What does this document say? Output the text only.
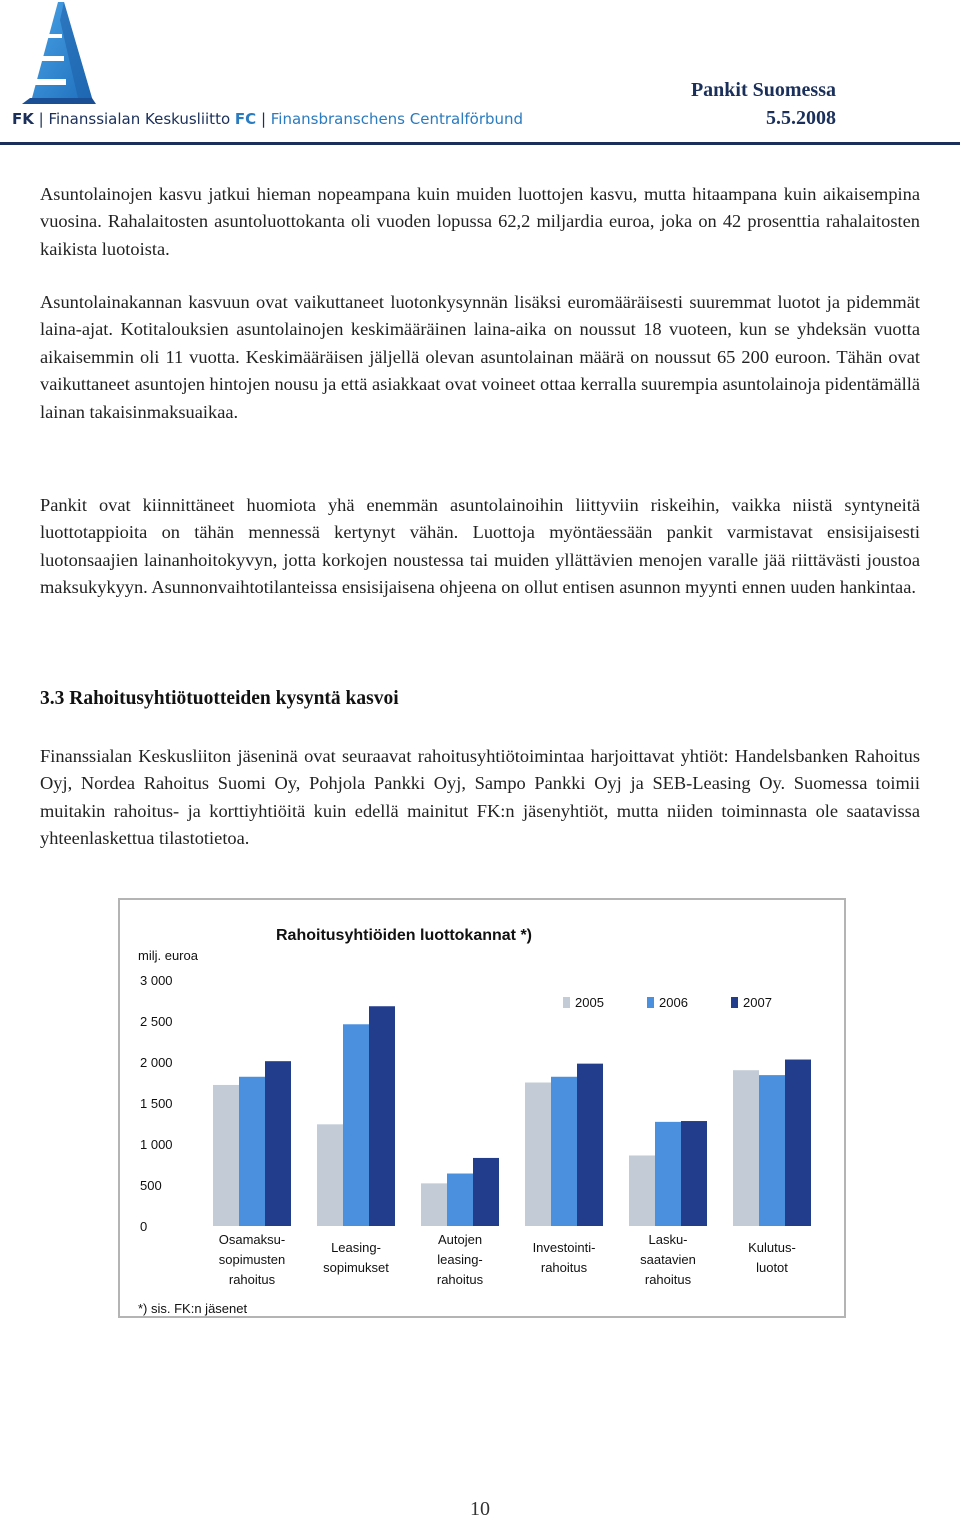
FK | Finanssialan Keskusliitto FC | Finansbranschens Centralförbund
Pankit Suomessa
5.5.2008

Asuntolainojen kasvu jatkui hieman nopeampana kuin muiden luottojen kasvu, mutta hitaampana kuin aikaisempina vuosina. Rahalaitosten asuntoluottokanta oli vuoden lopussa 62,2 miljardia euroa, joka on 42 prosenttia rahalaitosten kaikista luotoista.

Asuntolainakannan kasvuun ovat vaikuttaneet luotonkysynnän lisäksi euromääräisesti suuremmat luotot ja pidemmät laina-ajat. Kotitalouksien asuntolainojen keskimääräinen laina-aika on noussut 18 vuoteen, kun se yhdeksän vuotta aikaisemmin oli 11 vuotta. Keskimääräisen jäljellä olevan asuntolainan määrä on noussut 65 200 euroon. Tähän ovat vaikuttaneet asuntojen hintojen nousu ja että asiakkaat ovat voineet ottaa kerralla suurempia asuntolainoja pidentämällä lainan takaisinmaksuaikaa.

Pankit ovat kiinnittäneet huomiota yhä enemmän asuntolainoihin liittyviin riskeihin, vaikka niistä syntyneitä luottotappioita on tähän mennessä kertynyt vähän. Luottoja myöntäessään pankit varmistavat ensisijaisesti luotonsaajien lainanhoitokyvyn, jotta korkojen noustessa tai muiden yllättävien menojen varalle jää riittävästi joustoa maksukykyyn. Asunnonvaihtotilanteissa ensisijaisena ohjeena on ollut entisen asunnon myynti ennen uuden hankintaa.

3.3 Rahoitusyhtiötuotteiden kysyntä kasvoi

Finanssialan Keskusliiton jäseninä ovat seuraavat rahoitusyhtiötoimintaa harjoittavat yhtiöt: Handelsbanken Rahoitus Oyj, Nordea Rahoitus Suomi Oy, Pohjola Pankki Oyj, Sampo Pankki Oyj ja SEB-Leasing Oy. Suomessa toimii muitakin rahoitus- ja korttiyhtiöitä kuin edellä mainitut FK:n jäsenyhtiöt, mutta niiden toiminnasta ole saatavissa yhteenlaskettua tilastotietoa.

Rahoitusyhtiöiden luottokannat *)
milj. euroa
0
500
1 000
1 500
2 000
2 500
3 000
Osamaksu-sopimusten rahoitus
Leasing-sopimukset
Autojen leasing-rahoitus
Investointi-rahoitus
Lasku-saatavien rahoitus
Kulutus-luotot
2005	2006	2007
*) sis. FK:n jäsenet
10
